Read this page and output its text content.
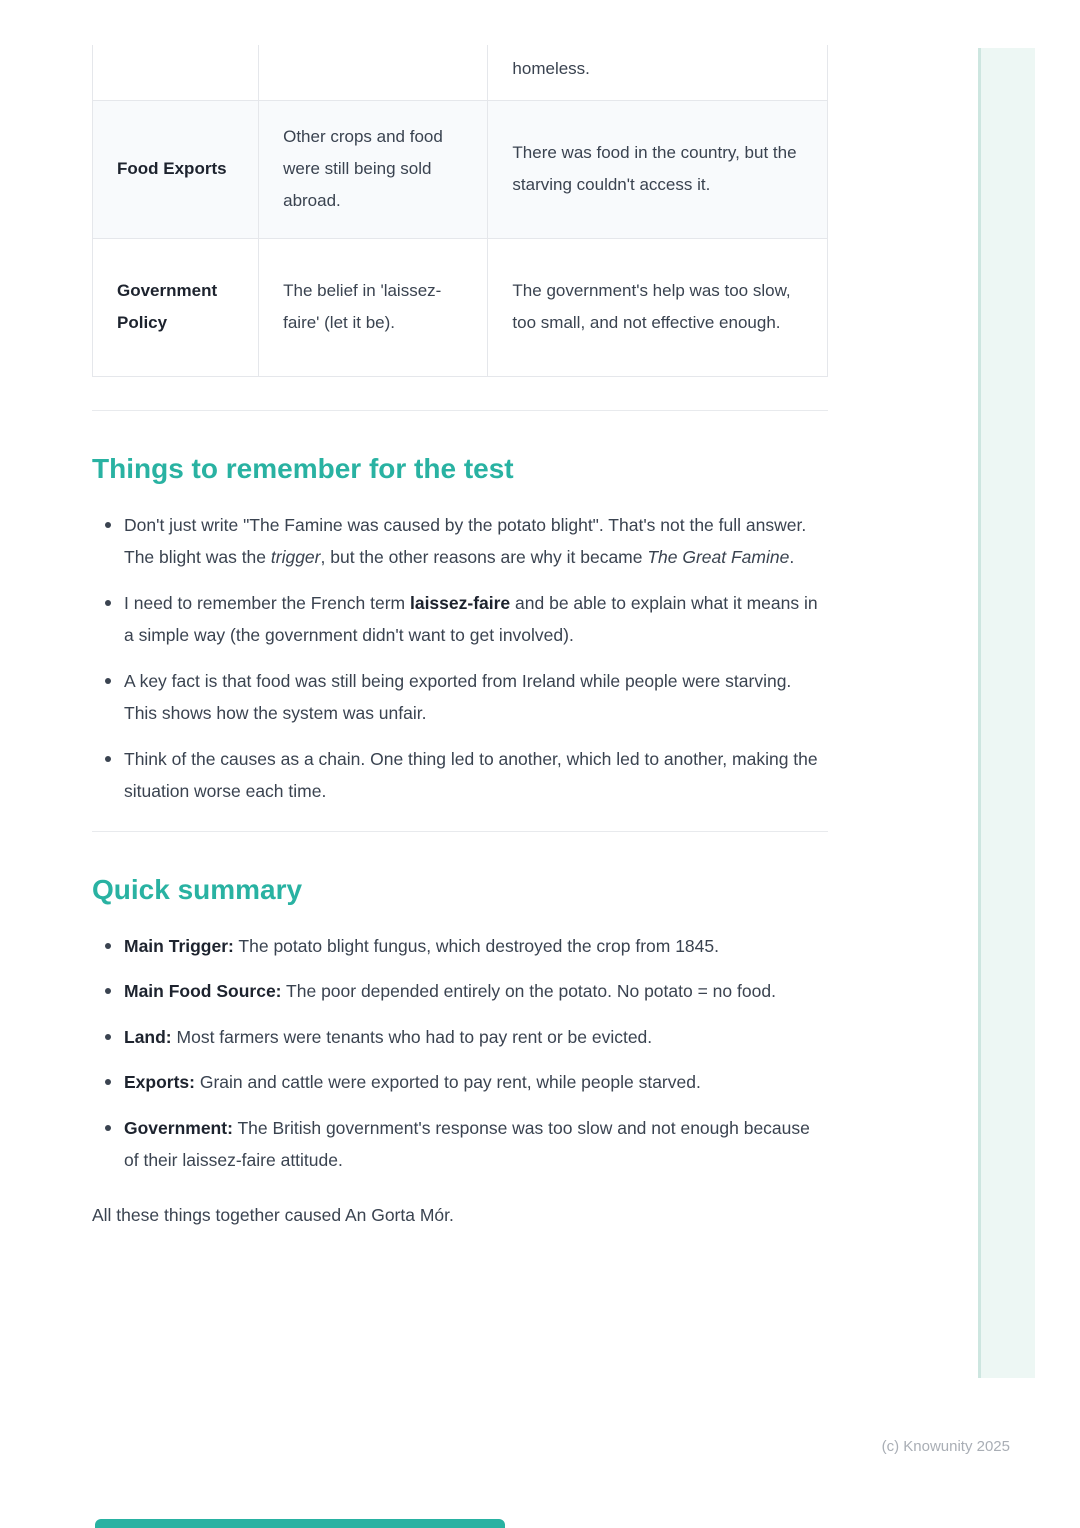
		homeless.
Food Exports	Other crops and food were still being sold abroad.	There was food in the country, but the starving couldn't access it.
Government Policy	The belief in 'laissez-faire' (let it be).	The government's help was too slow, too small, and not effective enough.
Things to remember for the test
Don't just write "The Famine was caused by the potato blight". That's not the full answer. The blight was the trigger, but the other reasons are why it became The Great Famine.
I need to remember the French term laissez-faire and be able to explain what it means in a simple way (the government didn't want to get involved).
A key fact is that food was still being exported from Ireland while people were starving. This shows how the system was unfair.
Think of the causes as a chain. One thing led to another, which led to another, making the situation worse each time.
Quick summary
Main Trigger: The potato blight fungus, which destroyed the crop from 1845.
Main Food Source: The poor depended entirely on the potato. No potato = no food.
Land: Most farmers were tenants who had to pay rent or be evicted.
Exports: Grain and cattle were exported to pay rent, while people starved.
Government: The British government's response was too slow and not enough because of their laissez-faire attitude.

All these things together caused An Gorta Mór.

(c) Knowunity 2025
